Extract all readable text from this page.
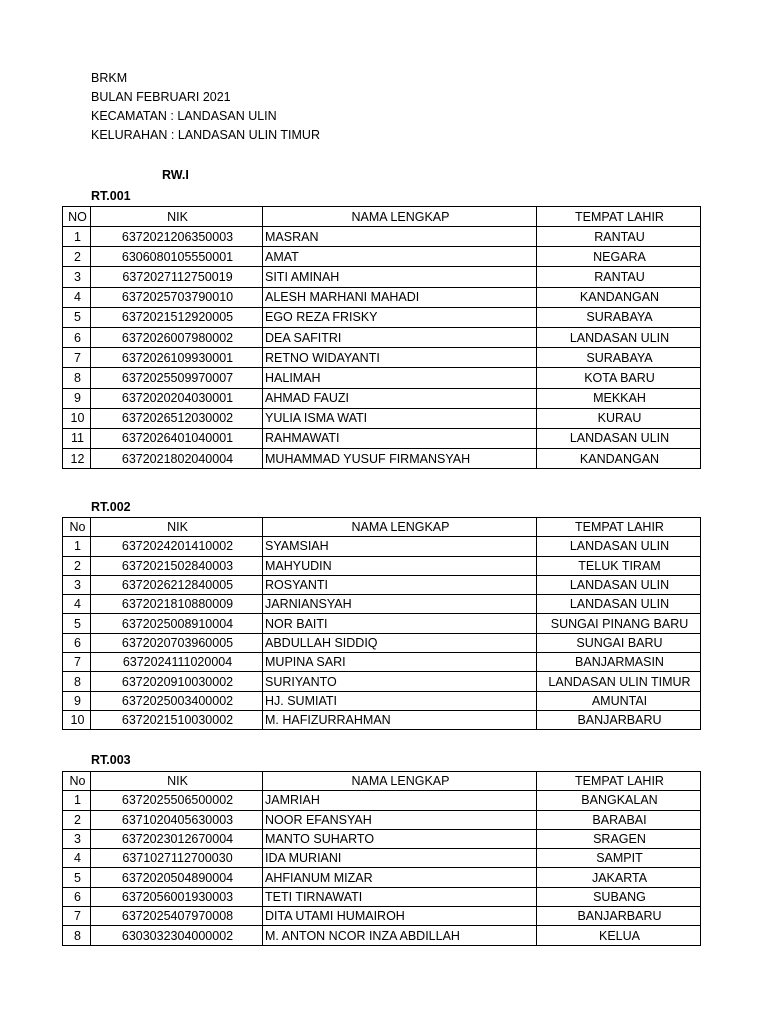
BRKM
BULAN FEBRUARI 2021
KECAMATAN : LANDASAN ULIN
KELURAHAN : LANDASAN ULIN TIMUR
RW.I
RT.001
NO	NIK	NAMA LENGKAP	TEMPAT LAHIR
1	6372021206350003	MASRAN	RANTAU
2	6306080105550001	AMAT	NEGARA
3	6372027112750019	SITI AMINAH	RANTAU
4	6372025703790010	ALESH MARHANI MAHADI	KANDANGAN
5	6372021512920005	EGO REZA FRISKY	SURABAYA
6	6372026007980002	DEA SAFITRI	LANDASAN ULIN
7	6372026109930001	RETNO WIDAYANTI	SURABAYA
8	6372025509970007	HALIMAH	KOTA BARU
9	6372020204030001	AHMAD FAUZI	MEKKAH
10	6372026512030002	YULIA ISMA WATI	KURAU
11	6372026401040001	RAHMAWATI	LANDASAN ULIN
12	6372021802040004	MUHAMMAD YUSUF FIRMANSYAH	KANDANGAN
RT.002
No	NIK	NAMA LENGKAP	TEMPAT LAHIR
1	6372024201410002	SYAMSIAH	LANDASAN ULIN
2	6372021502840003	MAHYUDIN	TELUK TIRAM
3	6372026212840005	ROSYANTI	LANDASAN ULIN
4	6372021810880009	JARNIANSYAH	LANDASAN ULIN
5	6372025008910004	NOR BAITI	SUNGAI PINANG BARU
6	6372020703960005	ABDULLAH SIDDIQ	SUNGAI BARU
7	6372024111020004	MUPINA SARI	BANJARMASIN
8	6372020910030002	SURIYANTO	LANDASAN ULIN TIMUR
9	6372025003400002	HJ. SUMIATI	AMUNTAI
10	6372021510030002	M. HAFIZURRAHMAN	BANJARBARU
RT.003
No	NIK	NAMA LENGKAP	TEMPAT LAHIR
1	6372025506500002	JAMRIAH	BANGKALAN
2	6371020405630003	NOOR EFANSYAH	BARABAI
3	6372023012670004	MANTO SUHARTO	SRAGEN
4	6371027112700030	IDA MURIANI	SAMPIT
5	6372020504890004	AHFIANUM MIZAR	JAKARTA
6	6372056001930003	TETI TIRNAWATI	SUBANG
7	6372025407970008	DITA UTAMI HUMAIROH	BANJARBARU
8	6303032304000002	M. ANTON NCOR INZA ABDILLAH	KELUA
